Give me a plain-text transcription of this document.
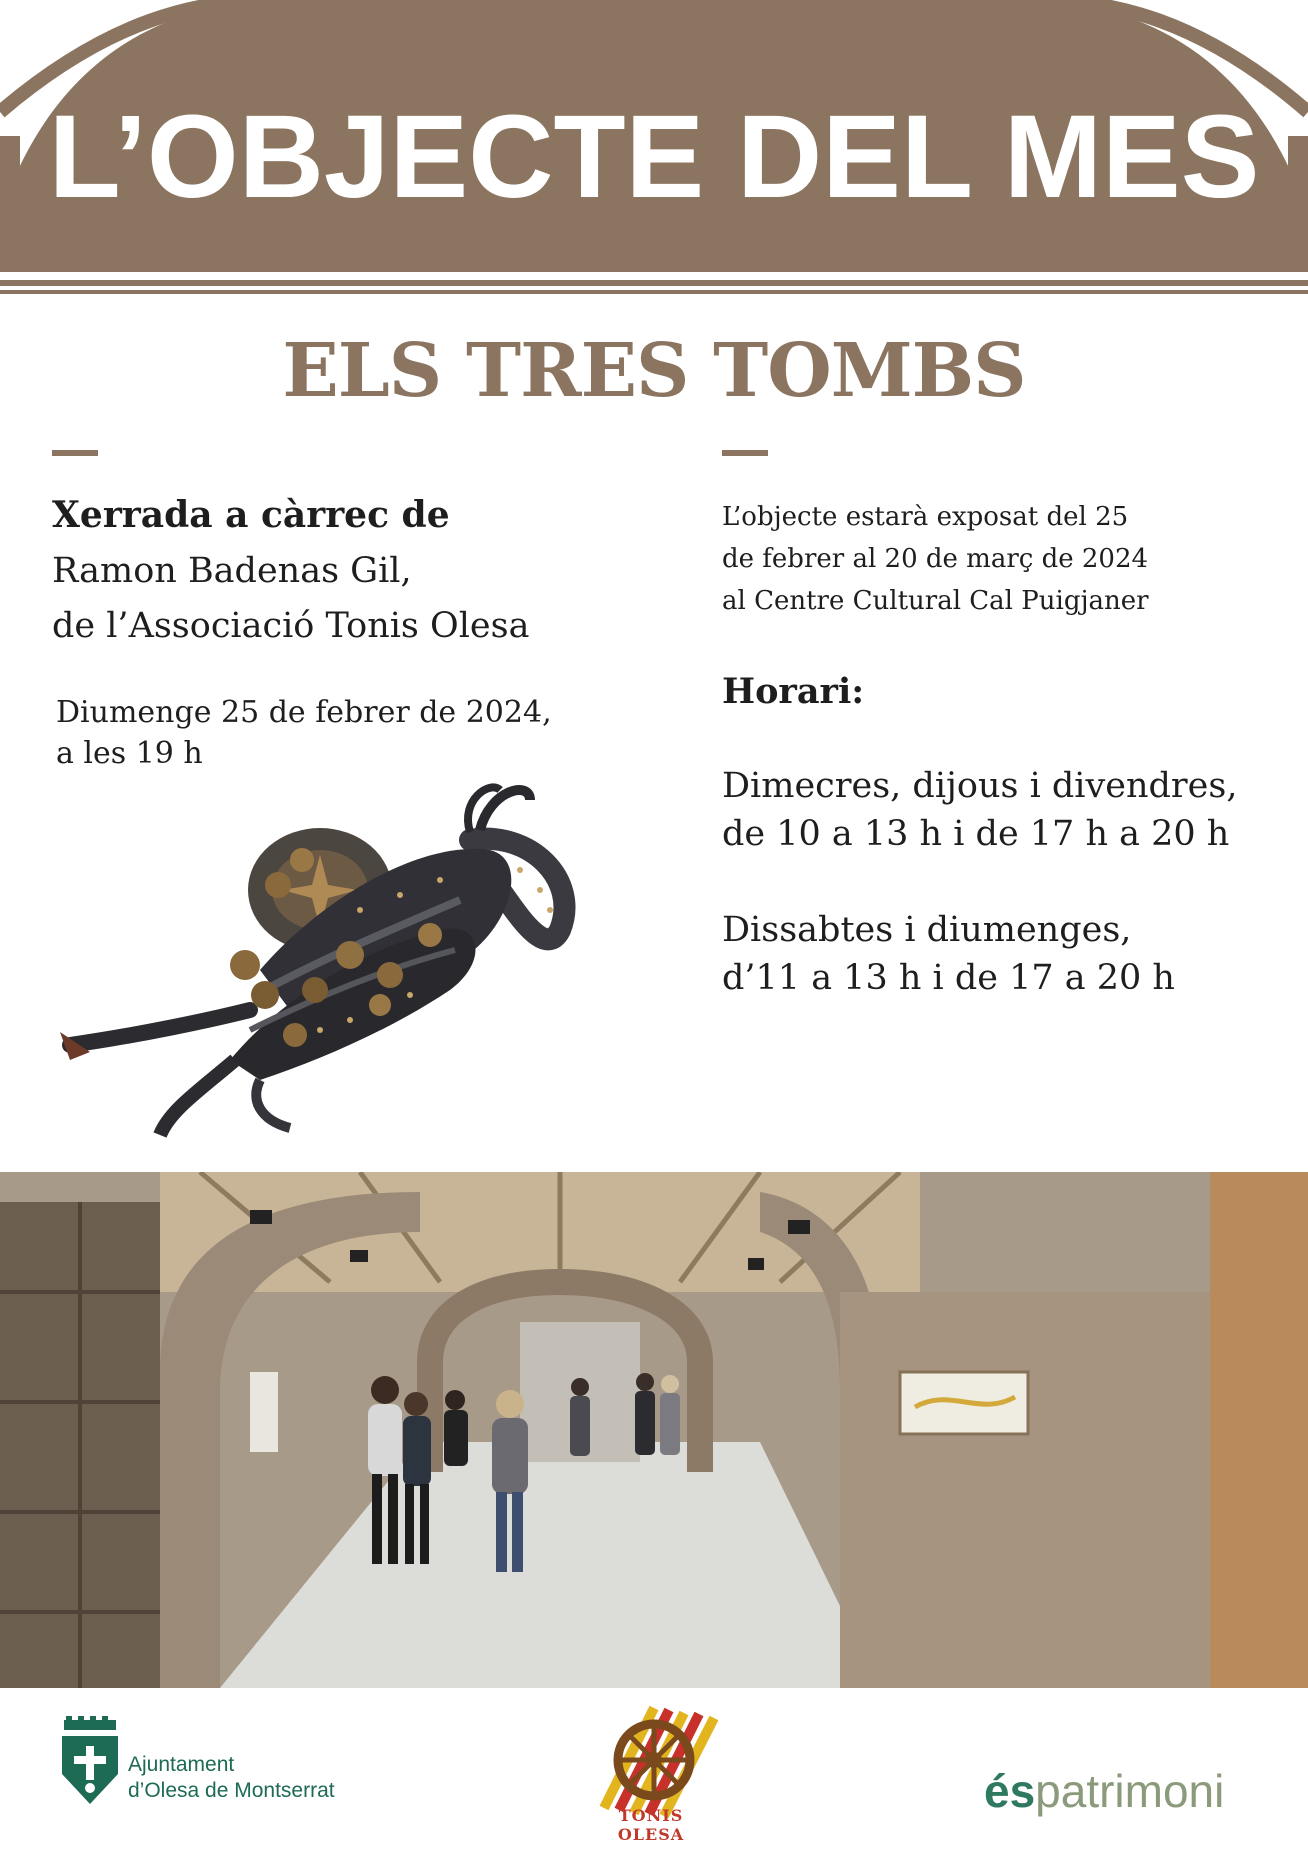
L’OBJECTE DEL MES
ELS TRES TOMBS
Xerrada a càrrec de
Ramon Badenas Gil,
de l’Associació Tonis Olesa
Diumenge 25 de febrer de 2024,
a les 19 h
L’objecte estarà exposat del 25
de febrer al 20 de març de 2024
al Centre Cultural Cal Puigjaner
Horari:
Dimecres, dijous i divendres,
de 10 a 13 h i de 17 h a 20 h
Dissabtes i diumenges,
d’11 a 13 h i de 17 a 20 h
Ajuntament
d’Olesa de Montserrat
TONIS OLESA
éspatrimoni
